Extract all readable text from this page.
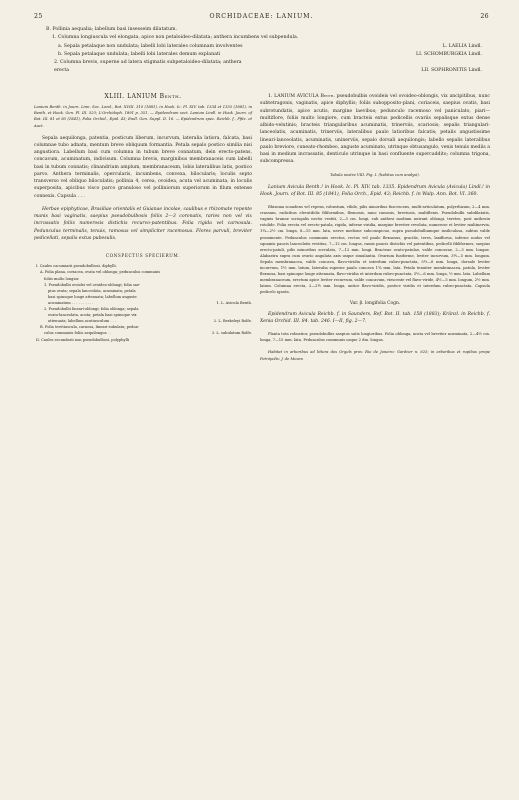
25	ORCHIDACEAE: LANIUM.	26
B. Pollinia aequalia; labellum basi insesseim dilatatum.
1. Columna longiuscula vel elongata, apice non petaloideo-dilatata; anthera incumbens vel subpendula.
a. Sepala petalaque non undulata; labelli lobi laterales columnam involventes	L. LAELIA Lindl.
b. Sepala petalaque undulata; labelli lobi laterales demum explanati	LI. SCHOMBURGKIA Lindl.
2. Columna brevis, superne ad latera stigmatis subpetaloideo-dilatata; anthera
erecta	LII. SOPHRONITIS Lindl.
XLIII. LANIUM Benth.

Lanium Benth. in Journ. Linn. Soc. Lond., Bot. XVIII. 310 (1881), in Hook. Ic. Pl. XIV. tab. 1334 et 1335 (1881), in Benth. et Hook. Gen. Pl. III. 523; L'Orchidoph. 1891 p. 351. — Epidendrum sect. Lanium Lindl. in Hook. Journ. of Bot. III. 81 et 85 (1841), Folia Orchid., Epid. 43; Endl. Gen. Suppl. II. 16. — Epidendrum spec. Reichb. f., Pfitz. et Auct.

Sepala aequilonga, patentia, posticum liberum, incurvum, lateralia latiora, falcata, basi columnae tubo adnata, mentum breve obliquum formantia. Petala sepalo postico similia nisi angustiora. Labellum basi cum columna in tubum breve connatum, dein erecto-patens, concavum, acuminatum, indivisum. Columna brevis, marginibus membranaceis cum labelli basi in tubum connatis; clinandrium amplum, membranaceum, lobis lateralibus latis, postico parvo. Anthera terminalis, opercularis, incumbens, convexa, bilocularis; loculis septo transverso vel obliquo biloculatis; pollinia 4, cerea, ovoidea, acuta vel acuminata, in loculis superposita, apicibus visco parco granuloso vel polliniorum superiorum in filum extense connexis. Capsula . . .

Herbae epiphyticae, Brasiliae orientalis et Guianae incolae, caulibus e rhizomate repente manis basi vaginatis, saepius pseudobulbosis foliis 2—3 coronatis, raries non vel vix incrassatis foliis numerosis distichis recurvo-patentibus. Folia rigida vel carnosula. Pedunculus terminalis, tenuis, ramosus vel simpliciter racemosus. Flores parvuli, breviter pedicellati, sepalis extus pubesulis.

CONSPECTUS SPECIERUM.
I. Caules cacumiarii pseudobulbosi, diphylli.
A. Folia plana, coriacea, ovata vel oblonga; pedunculus communis
foliis multo longior.
1. Pseudobulbi ovoidei vel ovoideo-oblongi; folia sae-
pius ovata; sepala lanceolata, acuminata; petala
basi spinoque longe attenuata; labellum angustе
acuminatum . . . . . . . . . .	1. L. Avicula Benth.
2. Pseudobulbi lineari-oblongi; folia oblonga; sepala
ovato-lanceolata, acuta; petala basi spinoque vix
attenuata; labellum acutiusculum . . .	2. L. Berkeleyi Rolfe.
B. Folia teretiuscula, carnosa, lineari-subulata; pedun-
culus communis foliis aequilongus . .	3. L. subulatum Rolfe.
II. Caules secundarii non pseudobulbosi, polyphylli

1. LANIUM AVICULA Benth. pseudobulbis ovoideis vel ovoideo-oblongis, vix ancipitibus, nunc subtetragonis, vaginatis, apice diphyllis; foliis subopposito-plani, coriaceis, saepius ovatis, basi subrotundatis, apice acutis, margine laevibus; pedunculo racemoso vel paniculato, piari—multiflore, foliis multo longiore, cum bracteis extus pedicellis ovariis sepalisque extus dense albido-velutinis; bracteis triangularibus acuminatis, trinerviis, scariosis; sepalis triangulari-lanceolatis, acuminatis, trinerviis, lateralibus paulo latioribus falcatis; petalis angustissime lineari-lanceolatis, acuminatis, uninerviis, sepalo dorsali aequilongis; labello sepalis lateralibus paulo breviore, cuneato-rhombeo, anguste acuminato, utrinque obtusangulo, venis tenuis mediis a basi in medium incrassatis, denticulo utrinque in basi confluente supercaddito; columna trigona, subcompressa.

Tabula nostra VIII. Fig. I. (habitus cum analysi).

Lanium Avicula Benth.! in Hook. Ic. Pl. XIV. tab. 1335. Epidendrum Avicula (Avicula) Lindl.! in Hook. Journ. of Bot. III. 85 (1841), Folia Orch., Epid. 43; Reichb. f. in Walp. Ann. Bot. VI. 360.

Rhizoma scandens vel repens, robustum, vilide, pilis minoribus fuscescens, multi-articulatum, polyrrhizum, 2—4 mm. crassum, radicibus elevatifolis filiformibus, flexuosis, nunc ramosis, breviusis, multiflexis. Pseudobulbi subdilatatis, vaginis brunne scriogalis nectis vestiti, 2—3 cm. longi, sub anthesi modium nutrant oblongi, teretes, post anthesin rotolide. Folia erecta vel erecto-patula, rigida, inferne viridia, margine breviter revoluta, numerose et leviter multinervia, 1¼—2½ cm. longa, 8—15 mm. lata, nerve medione subconspicuo, supra pseudobulbumque insiliculosa, subtus valde prominente. Pedunculus communis erectus, rectus vel paulo flexuosus, gracilis, teres, laxiflorus, inferne nodos vel squamis paucis lanceolatis vestitus, 7—12 cm. longus, ramis paucis distichis vel patentibus, pedicelli fibliformes, saepius erecto-patuli, pilis minoribus scrrulato, 7—12 mm. longi. Bracteae ovato-patulae, valde concavae, 2—3 mm. longae. Alabastra supra cum ovario angulata axis usque simulantia. Ovarium fusiforme, leviter incurvum, 3½—5 mm. longum. Sepala membranacea, valde concava, flavo-viridia et interdum rubro-punctata, 5½—6 mm. longa, dorsale leviter incurvum, 1½ mm. latum, lateralia superne paulo concava 1¾ mm. lata. Petala tenuiter membranacea, patula, leviter flexuosa, basi spinoque longe attenuata, flavo-viridia et interdum rubro-punctata, 5½—6 mm. longa, ½ mm. lata. Labellum membranaceum, erectum apice leviter recurvum, valde concavum, viescente vel flavo-viride, 4½—5 mm. longum, 2½ mm. latum. Columna erecta, 2—2½ mm. longa, antice flavo-viridis, postice viridis et interdum rubro-punctata. Capsula pedicelo ignota.

Var. β. longifolia Cogn.

Epidendrum Avicula Reichb. f. in Saunders, Ref. Bot. II. tab. 158 (1883); Kränzl. in Reichb. f. Xenia Orchid. III. 84. tab. 246. I—II, fig. 2—7.

Planta tota robustior, pseudobulbis saepius satis longioribus. Folia oblonga, acuta vel breviter acuminata, 2—4½ cm. longa, 7—15 mm. lata. Pedunculus communis usque 2 dm. longus.

Habitat in arboribus ad littora dos Orgels prov. Rio de Janeiro: Gardner n. 625; in arboribus et rupibus prope Petrópolis: J. de Moura
